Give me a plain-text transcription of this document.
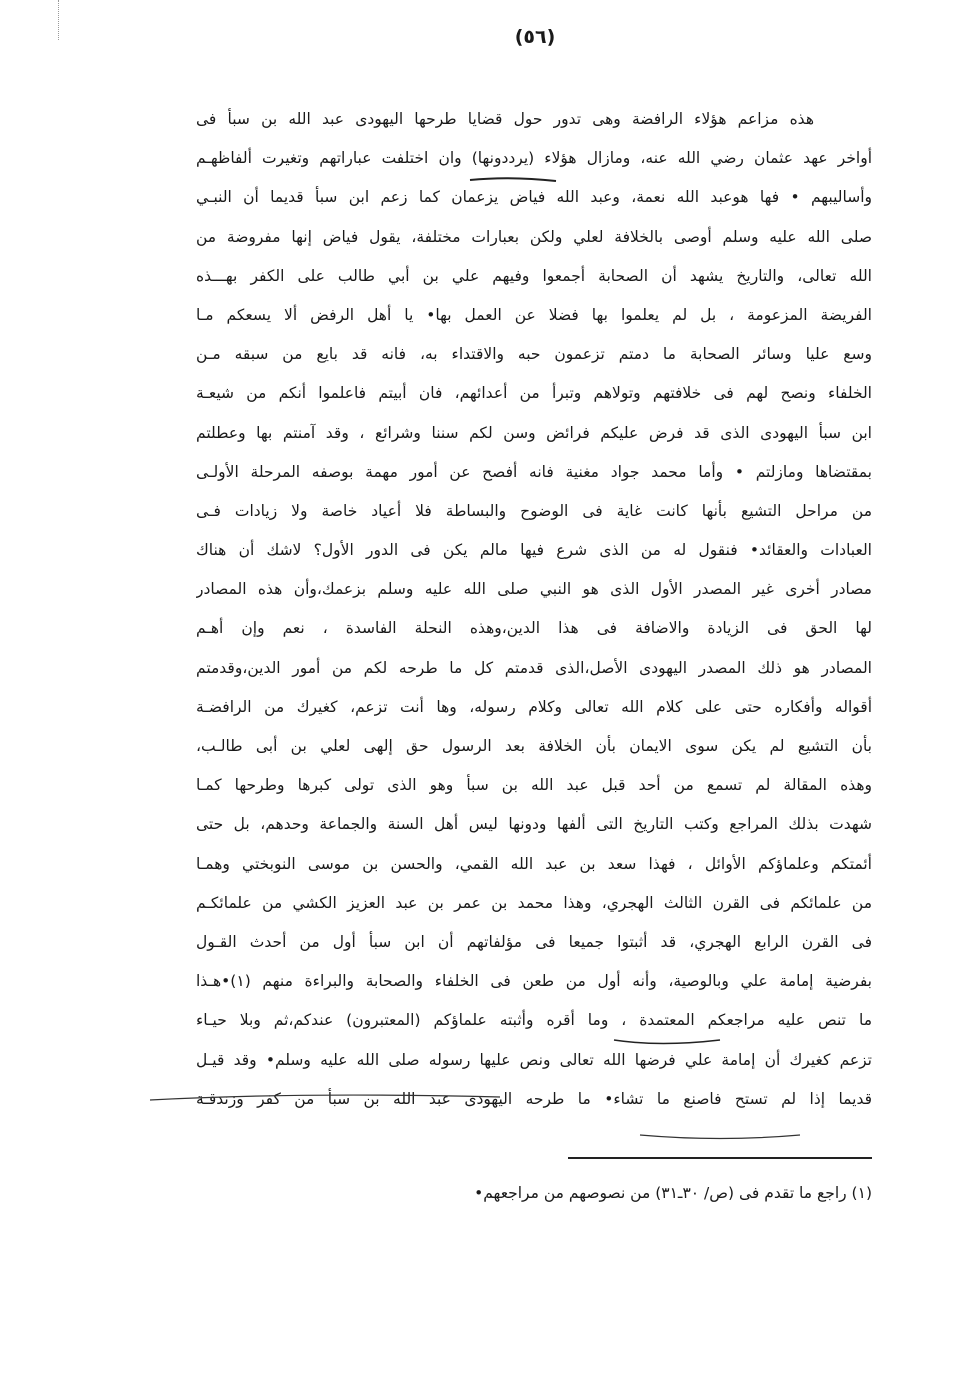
(٥٦)
هذه مزاعم هؤلاء الرافضة وهى تدور حول قضايا طرحها اليهودى عبد الله بن سبأ فى
أواخر عهد عثمان رضي الله عنه، ومازال هؤلاء (يرددونها) وان اختلفت عباراتهم وتغيرت ألفاظهـم
وأساليبهم • فها هوعبد الله نعمة، وعبد الله فياض يزعمان كما زعم ابن سبأ قديما أن النبـي
صلى الله عليه وسلم أوصى بالخلافة لعلي ولكن بعبارات مختلفة، يقول فياض إنها مفروضة من
الله تعالى، والتاريخ يشهد أن الصحابة أجمعوا وفيهم علي بن أبي طالب على الكفر بهـــذه
الفريضة المزعومة ، بل لم يعلموا بها فضلا عن العمل بها• يا أهل الرفض ألا يسعكم مـا
وسع عليا وسائر الصحابة ما دمتم تزعمون حبه والاقتداء به، فانه قد بايع من سبقه مـن
الخلفاء ونصح لهم فى خلافتهم وتولاهم وتبرأ من أعدائهم، فان أبيتم فاعلموا أنكم من شيعـة
ابن سبأ اليهودى الذى قد فرض عليكم فرائض وسن لكم سننا وشرائع ، وقد آمنتم بها وعطلتم
بمقتضاها ومازلتم • وأما محمد جواد مغنية فانه أفصح عن أمور مهمة بوصفه المرحلة الأولـى
من مراحل التشيع بأنها كانت غاية فى الوضوح والبساطة فلا أعياد خاصة ولا زيادات فـى
العبادات والعقائد• فنقول له من الذى شرع فيها مالم يكن فى الدور الأول؟ لاشك أن هناك
مصادر أخرى غير المصدر الأول الذى هو النبي صلى الله عليه وسلم بزعمك،وأن هذه المصادر
لها الحق فى الزيادة والاضافة فى هذا الدين،وهذه النحلة الفاسدة ، نعم وإن أهـم
المصادر هو ذلك المصدر اليهودى الأصل،الذى قدمتم كل ما طرحه لكم من أمور الدين،وقدمتم
أقواله وأفكاره حتى على كلام الله تعالى وكلام رسوله، وها أنت تزعم، كغيرك من الرافضـة
بأن التشيع لم يكن سوى الايمان بأن الخلافة بعد الرسول حق إلهى لعلي بن أبى طالـب،
وهذه المقالة لم تسمع من أحد قبل عبد الله بن سبأ وهو الذى تولى كبرها وطرحها كمـا
شهدت بذلك المراجع وكتب التاريخ التى ألفها ودونها ليس أهل السنة والجماعة وحدهم، بل حتى
أئمتكم وعلماؤكم الأوائل ، فهذا سعد بن عبد الله القمي، والحسن بن موسى النوبختي وهمـا
من علمائكم فى القرن الثالث الهجري، وهذا محمد بن عمر بن عبد العزيز الكشي من علمائكـم
فى القرن الرابع الهجري، قد أثبتوا جميعا فى مؤلفاتهم أن ابن سبأ أول من أحدث القـول
بفرضية إمامة علي وبالوصية، وأنه أول من طعن فى الخلفاء والصحابة والبراءة منهم (١)•هـذا
ما تنص عليه مراجعكم المعتمدة ، وما أقره وأثبته علماؤكم (المعتبرون) عندكم،ثم وبلا حيـاء
تزعم كغيرك أن إمامة علي فرضها الله تعالى ونص عليها رسوله صلى الله عليه وسلم• وقد قيـل
قديما إذا لم تستح فاصنع ما تشاء• ما طرحه اليهودى عبد الله بن سبأ من كفر وزندقـة
(١) راجع ما تقدم فى (ص/ ٣٠ـ٣١) من نصوصهم من مراجعهم•
